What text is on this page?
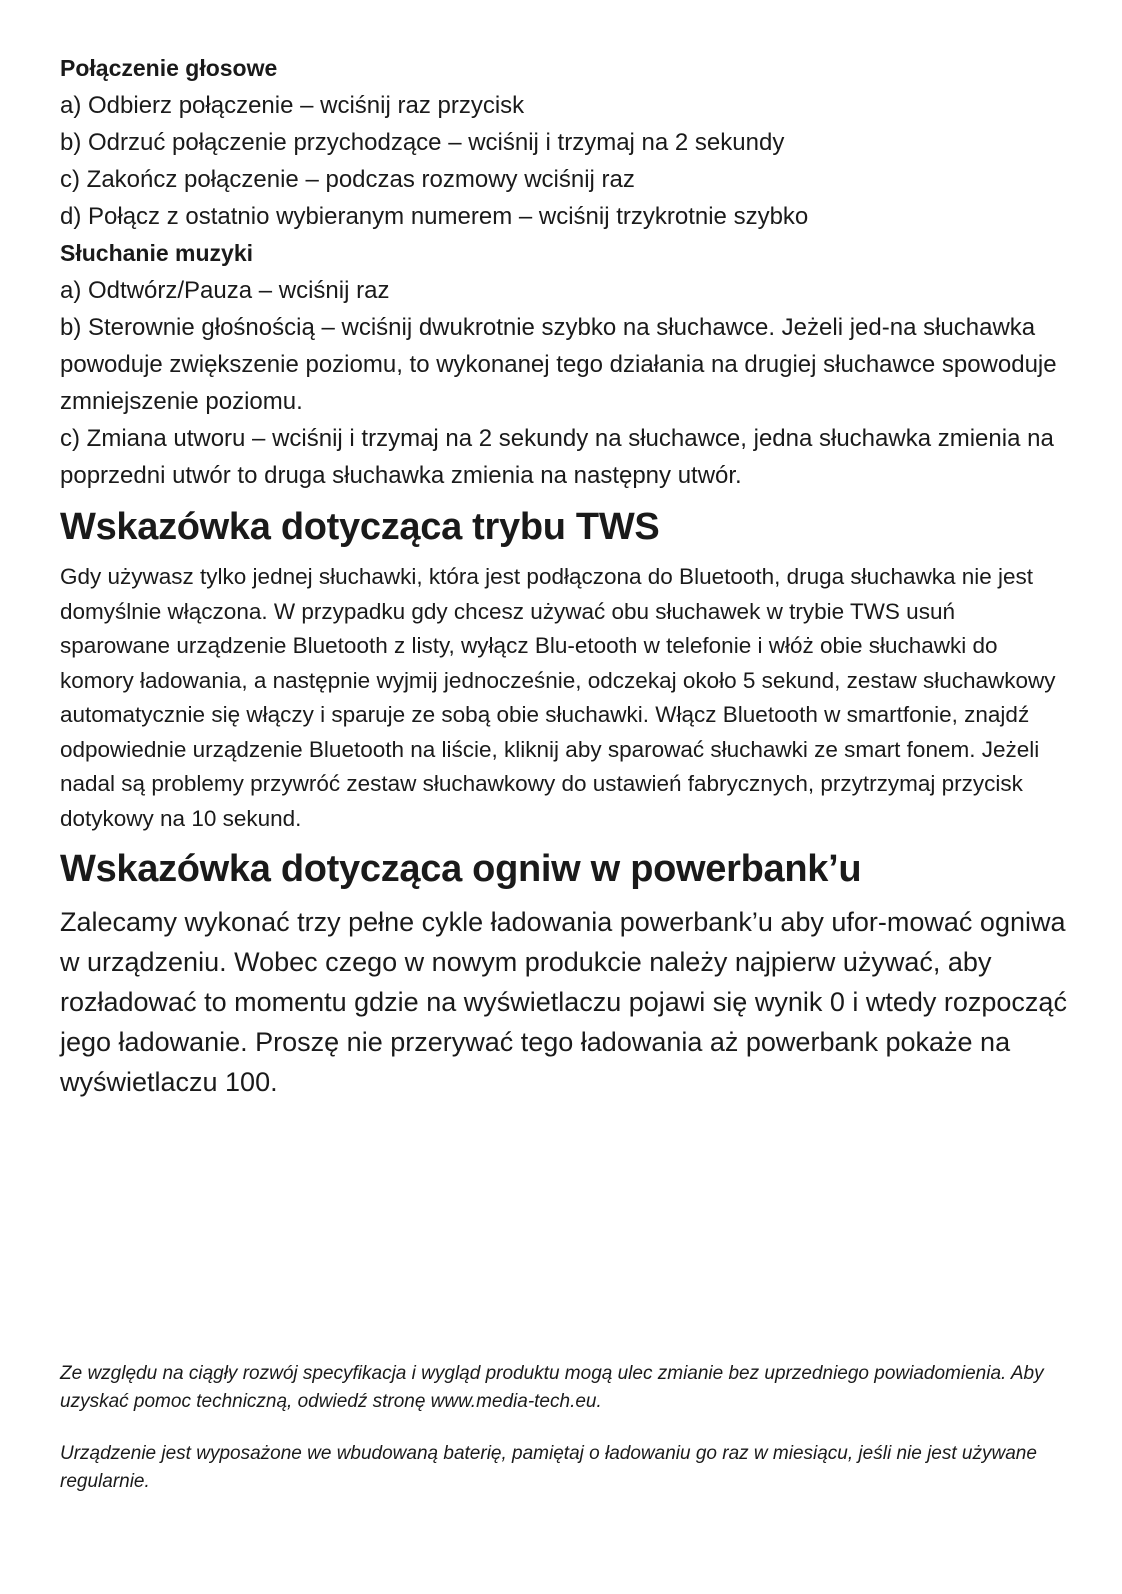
Połączenie głosowe

a) Odbierz połączenie – wciśnij raz przycisk

b) Odrzuć połączenie przychodzące – wciśnij i trzymaj na 2 sekundy

c) Zakończ połączenie – podczas rozmowy wciśnij raz

d) Połącz z ostatnio wybieranym numerem – wciśnij trzykrotnie szybko

Słuchanie muzyki

a) Odtwórz/Pauza – wciśnij raz

b) Sterownie głośnością – wciśnij dwukrotnie szybko na słuchawce. Jeżeli jed-na słuchawka powoduje zwiększenie poziomu, to wykonanej tego działania na drugiej słuchawce spowoduje zmniejszenie poziomu.

c) Zmiana utworu – wciśnij i trzymaj na 2 sekundy na słuchawce, jedna słuchawka zmienia na poprzedni utwór to druga słuchawka zmienia na następny utwór.

Wskazówka dotycząca trybu TWS

Gdy używasz tylko jednej słuchawki, która jest podłączona do Bluetooth, druga słuchawka nie jest domyślnie włączona. W przypadku gdy chcesz używać obu słuchawek w trybie TWS usuń sparowane urządzenie Bluetooth z listy, wyłącz Blu-etooth w telefonie i włóż obie słuchawki do komory ładowania, a następnie wyjmij jednocześnie, odczekaj około 5 sekund, zestaw słuchawkowy automatycznie się włączy i sparuje ze sobą obie słuchawki. Włącz Bluetooth w smartfonie, znajdź odpowiednie urządzenie Bluetooth na liście, kliknij aby sparować słuchawki ze smart fonem. Jeżeli nadal są problemy przywróć zestaw słuchawkowy do ustawień fabrycznych, przytrzymaj przycisk dotykowy na 10 sekund.

Wskazówka dotycząca ogniw w powerbank’u

Zalecamy wykonać trzy pełne cykle ładowania powerbank’u aby ufor-mować ogniwa w urządzeniu. Wobec czego w nowym produkcie należy najpierw używać, aby rozładować to momentu gdzie na wyświetlaczu pojawi się wynik 0 i wtedy rozpocząć jego ładowanie. Proszę nie przerywać tego ładowania aż powerbank pokaże na wyświetlaczu 100.

Ze względu na ciągły rozwój specyfikacja i wygląd produktu mogą ulec zmianie bez uprzedniego powiadomienia. Aby uzyskać pomoc techniczną, odwiedź stronę www.media-tech.eu.

Urządzenie jest wyposażone we wbudowaną baterię, pamiętaj o ładowaniu go raz w miesiącu, jeśli nie jest używane regularnie.
